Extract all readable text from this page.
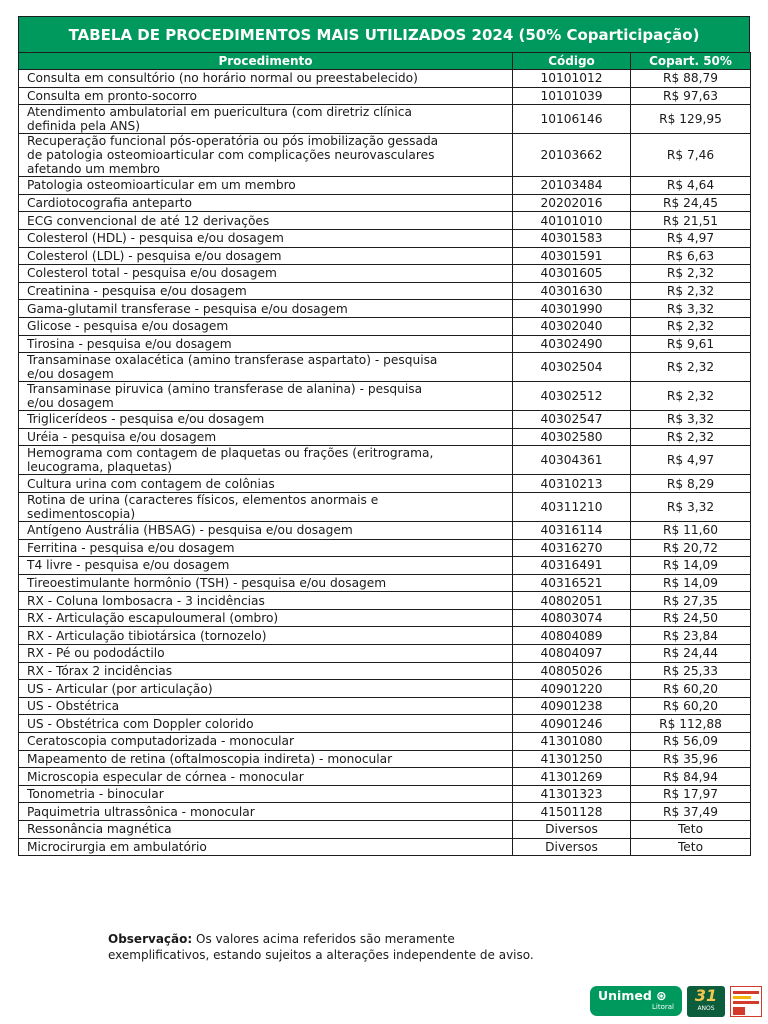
TABELA DE PROCEDIMENTOS MAIS UTILIZADOS 2024 (50% Coparticipação)
Procedimento	Código	Copart. 50%
Consulta em consultório (no horário normal ou preestabelecido)	10101012	R$ 88,79
Consulta em pronto-socorro	10101039	R$ 97,63
Atendimento ambulatorial em puericultura (com diretriz clínica definida pela ANS)	10106146	R$ 129,95
Recuperação funcional pós-operatória ou pós imobilização gessada de patologia osteomioarticular com complicações neurovasculares afetando um membro	20103662	R$ 7,46
Patologia osteomioarticular em um membro	20103484	R$ 4,64
Cardiotocografia anteparto	20202016	R$ 24,45
ECG convencional de até 12 derivações	40101010	R$ 21,51
Colesterol (HDL) - pesquisa e/ou dosagem	40301583	R$ 4,97
Colesterol (LDL) - pesquisa e/ou dosagem	40301591	R$ 6,63
Colesterol total - pesquisa e/ou dosagem	40301605	R$ 2,32
Creatinina - pesquisa e/ou dosagem	40301630	R$ 2,32
Gama-glutamil transferase - pesquisa e/ou dosagem	40301990	R$ 3,32
Glicose - pesquisa e/ou dosagem	40302040	R$ 2,32
Tirosina - pesquisa e/ou dosagem	40302490	R$ 9,61
Transaminase oxalacética (amino transferase aspartato) - pesquisa e/ou dosagem	40302504	R$ 2,32
Transaminase piruvica (amino transferase de alanina) - pesquisa e/ou dosagem	40302512	R$ 2,32
Triglicerídeos - pesquisa e/ou dosagem	40302547	R$ 3,32
Uréia - pesquisa e/ou dosagem	40302580	R$ 2,32
Hemograma com contagem de plaquetas ou frações (eritrograma, leucograma, plaquetas)	40304361	R$ 4,97
Cultura urina com contagem de colônias	40310213	R$ 8,29
Rotina de urina (caracteres físicos, elementos anormais e sedimentoscopia)	40311210	R$ 3,32
Antígeno Austrália (HBSAG) - pesquisa e/ou dosagem	40316114	R$ 11,60
Ferritina - pesquisa e/ou dosagem	40316270	R$ 20,72
T4 livre - pesquisa e/ou dosagem	40316491	R$ 14,09
Tireoestimulante hormônio (TSH) - pesquisa e/ou dosagem	40316521	R$ 14,09
RX - Coluna lombosacra - 3 incidências	40802051	R$ 27,35
RX - Articulação escapuloumeral (ombro)	40803074	R$ 24,50
RX - Articulação tibiotársica (tornozelo)	40804089	R$ 23,84
RX - Pé ou pododáctilo	40804097	R$ 24,44
RX - Tórax 2 incidências	40805026	R$ 25,33
US - Articular (por articulação)	40901220	R$ 60,20
US - Obstétrica	40901238	R$ 60,20
US - Obstétrica com Doppler colorido	40901246	R$ 112,88
Ceratoscopia computadorizada - monocular	41301080	R$ 56,09
Mapeamento de retina (oftalmoscopia indireta) - monocular	41301250	R$ 35,96
Microscopia especular de córnea - monocular	41301269	R$ 84,94
Tonometria - binocular	41301323	R$ 17,97
Paquimetria ultrassônica - monocular	41501128	R$ 37,49
Ressonância magnética	Diversos	Teto
Microcirurgia em ambulatório	Diversos	Teto
Observação: Os valores acima referidos são meramente exemplificativos, estando sujeitos a alterações independente de aviso.
Unimed ⊛
Litoral
31
ANOS
